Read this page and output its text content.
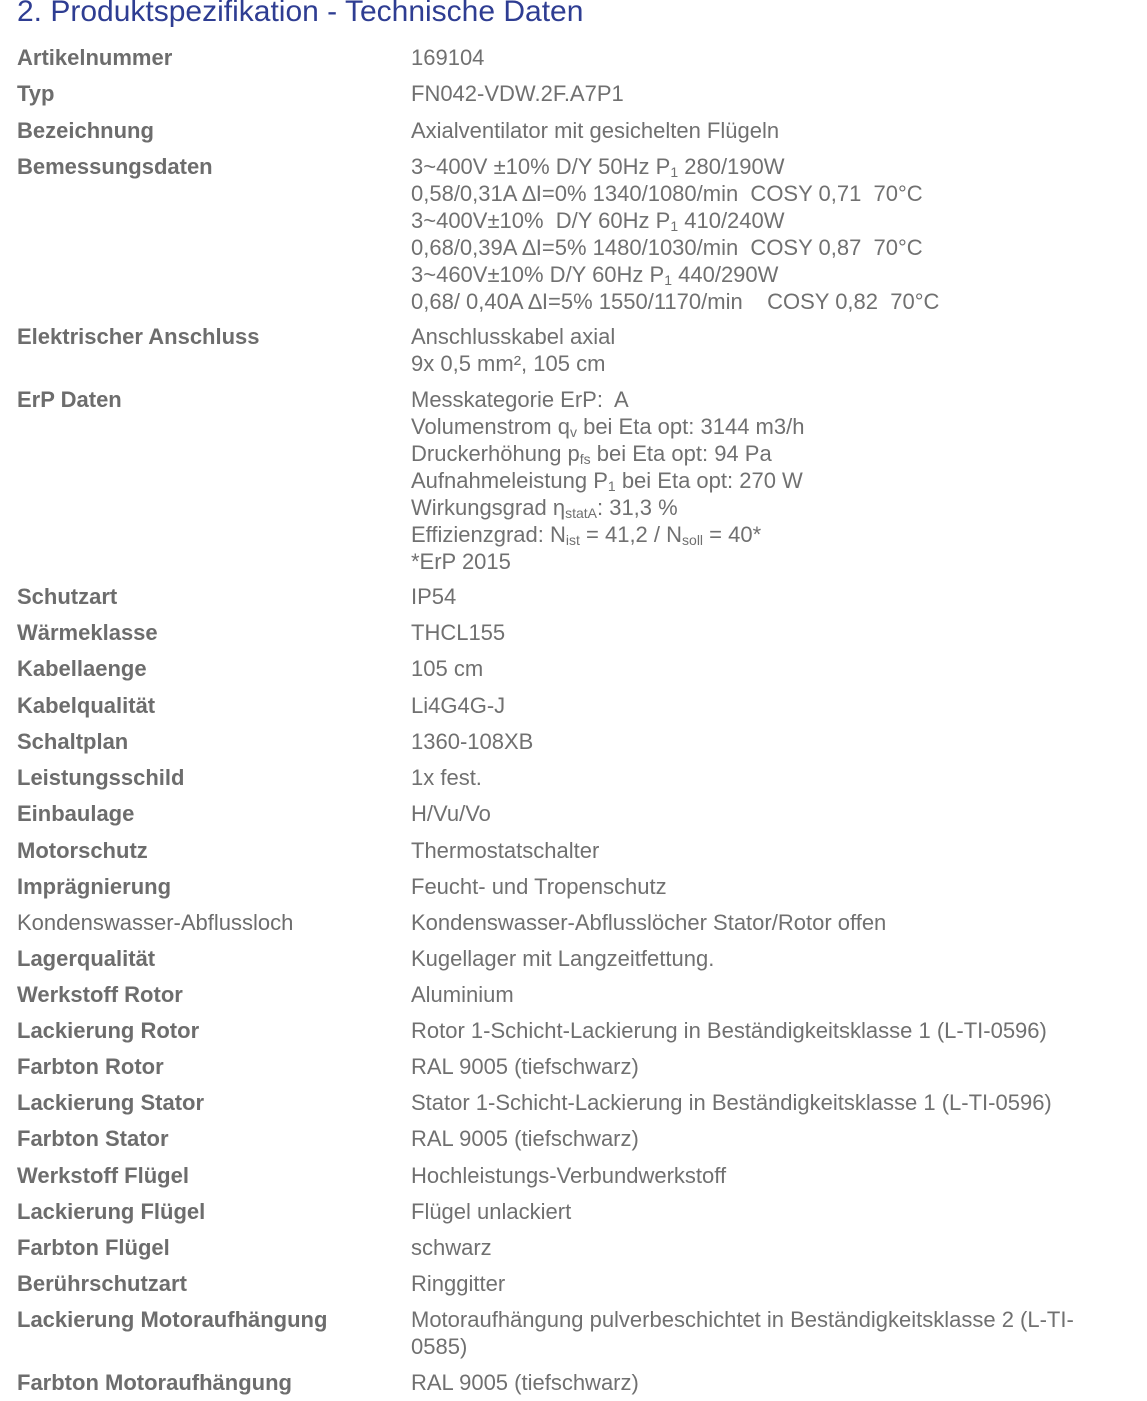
2. Produktspezifikation - Technische Daten
Artikelnummer	169104
Typ	FN042-VDW.2F.A7P1
Bezeichnung	Axialventilator mit gesichelten Flügeln
Bemessungsdaten	3~400V ±10% D/Y 50Hz $P_1$ 280/190W
0,58/0,31A ∆I=0% 1340/1080/min  COSY 0,71  70°C
3~400V±10%  D/Y 60Hz $P_1$ 410/240W
0,68/0,39A ∆I=5% 1480/1030/min  COSY 0,87  70°C
3~460V±10% D/Y 60Hz $P_1$ 440/290W
0,68/ 0,40A ∆I=5% 1550/1170/min    COSY 0,82  70°C
Elektrischer Anschluss	Anschlusskabel axial
9x 0,5 mm², 105 cm
ErP Daten	Messkategorie ErP:  A
Volumenstrom $q_v$ bei Eta opt: 3144 m3/h
Druckerhöhung $p_{fs}$ bei Eta opt: 94 Pa
Aufnahmeleistung $P_1$ bei Eta opt: 270 W
Wirkungsgrad $\eta_{statA}$: 31,3 %
Effizienzgrad: $N_{ist} = 41,2 / N_{soll} = 40*$
*ErP 2015
Schutzart	IP54
Wärmeklasse	THCL155
Kabellaenge	105 cm
Kabelqualität	Li4G4G-J
Schaltplan	1360-108XB
Leistungsschild	1x fest.
Einbaulage	H/Vu/Vo
Motorschutz	Thermostatschalter
Imprägnierung	Feucht- und Tropenschutz
Kondenswasser-Abflussloch	Kondenswasser-Abflusslöcher Stator/Rotor offen
Lagerqualität	Kugellager mit Langzeitfettung.
Werkstoff Rotor	Aluminium
Lackierung Rotor	Rotor 1-Schicht-Lackierung in Beständigkeitsklasse 1 (L-TI-0596)
Farbton Rotor	RAL 9005 (tiefschwarz)
Lackierung Stator	Stator 1-Schicht-Lackierung in Beständigkeitsklasse 1 (L-TI-0596)
Farbton Stator	RAL 9005 (tiefschwarz)
Werkstoff Flügel	Hochleistungs-Verbundwerkstoff
Lackierung Flügel	Flügel unlackiert
Farbton Flügel	schwarz
Berührschutzart	Ringgitter
Lackierung Motoraufhängung	Motoraufhängung pulverbeschichtet in Beständigkeitsklasse 2 (L-TI-
0585)
Farbton Motoraufhängung	RAL 9005 (tiefschwarz)
